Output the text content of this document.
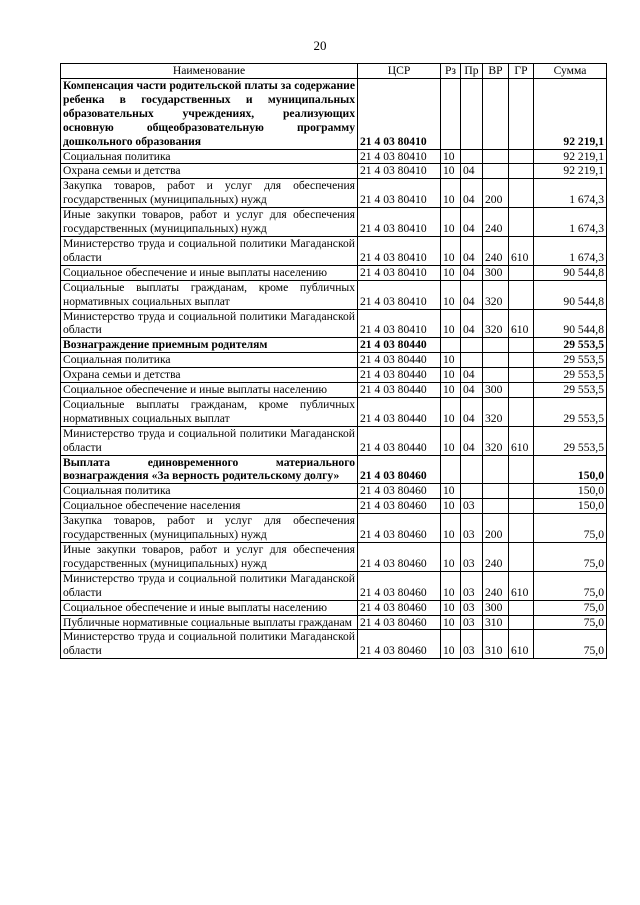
20
Наименование	ЦСР	Рз	Пр	ВР	ГР	Сумма
Компенсация части родительской платы за содержание ребенка в государственных и муниципальных образовательных учреждениях, реализующих основную общеобразовательную программу дошкольного образования	21 4 03 80410					92 219,1
Социальная политика	21 4 03 80410	10				92 219,1
Охрана семьи и детства	21 4 03 80410	10	04			92 219,1
Закупка товаров, работ и услуг для обеспечения государственных (муниципальных) нужд	21 4 03 80410	10	04	200		1 674,3
Иные закупки товаров, работ и услуг для обеспечения государственных (муниципальных) нужд	21 4 03 80410	10	04	240		1 674,3
Министерство труда и социальной политики Магаданской области	21 4 03 80410	10	04	240	610	1 674,3
Социальное обеспечение и иные выплаты населению	21 4 03 80410	10	04	300		90 544,8
Социальные выплаты гражданам, кроме публичных нормативных социальных выплат	21 4 03 80410	10	04	320		90 544,8
Министерство труда и социальной политики Магаданской области	21 4 03 80410	10	04	320	610	90 544,8
Вознаграждение приемным родителям	21 4 03 80440					29 553,5
Социальная политика	21 4 03 80440	10				29 553,5
Охрана семьи и детства	21 4 03 80440	10	04			29 553,5
Социальное обеспечение и иные выплаты населению	21 4 03 80440	10	04	300		29 553,5
Социальные выплаты гражданам, кроме публичных нормативных социальных выплат	21 4 03 80440	10	04	320		29 553,5
Министерство труда и социальной политики Магаданской области	21 4 03 80440	10	04	320	610	29 553,5
Выплата единовременного материального вознаграждения «За верность родительскому долгу»	21 4 03 80460					150,0
Социальная политика	21 4 03 80460	10				150,0
Социальное обеспечение населения	21 4 03 80460	10	03			150,0
Закупка товаров, работ и услуг для обеспечения государственных (муниципальных) нужд	21 4 03 80460	10	03	200		75,0
Иные закупки товаров, работ и услуг для обеспечения государственных (муниципальных) нужд	21 4 03 80460	10	03	240		75,0
Министерство труда и социальной политики Магаданской области	21 4 03 80460	10	03	240	610	75,0
Социальное обеспечение и иные выплаты населению	21 4 03 80460	10	03	300		75,0
Публичные нормативные социальные выплаты гражданам	21 4 03 80460	10	03	310		75,0
Министерство труда и социальной политики Магаданской области	21 4 03 80460	10	03	310	610	75,0
